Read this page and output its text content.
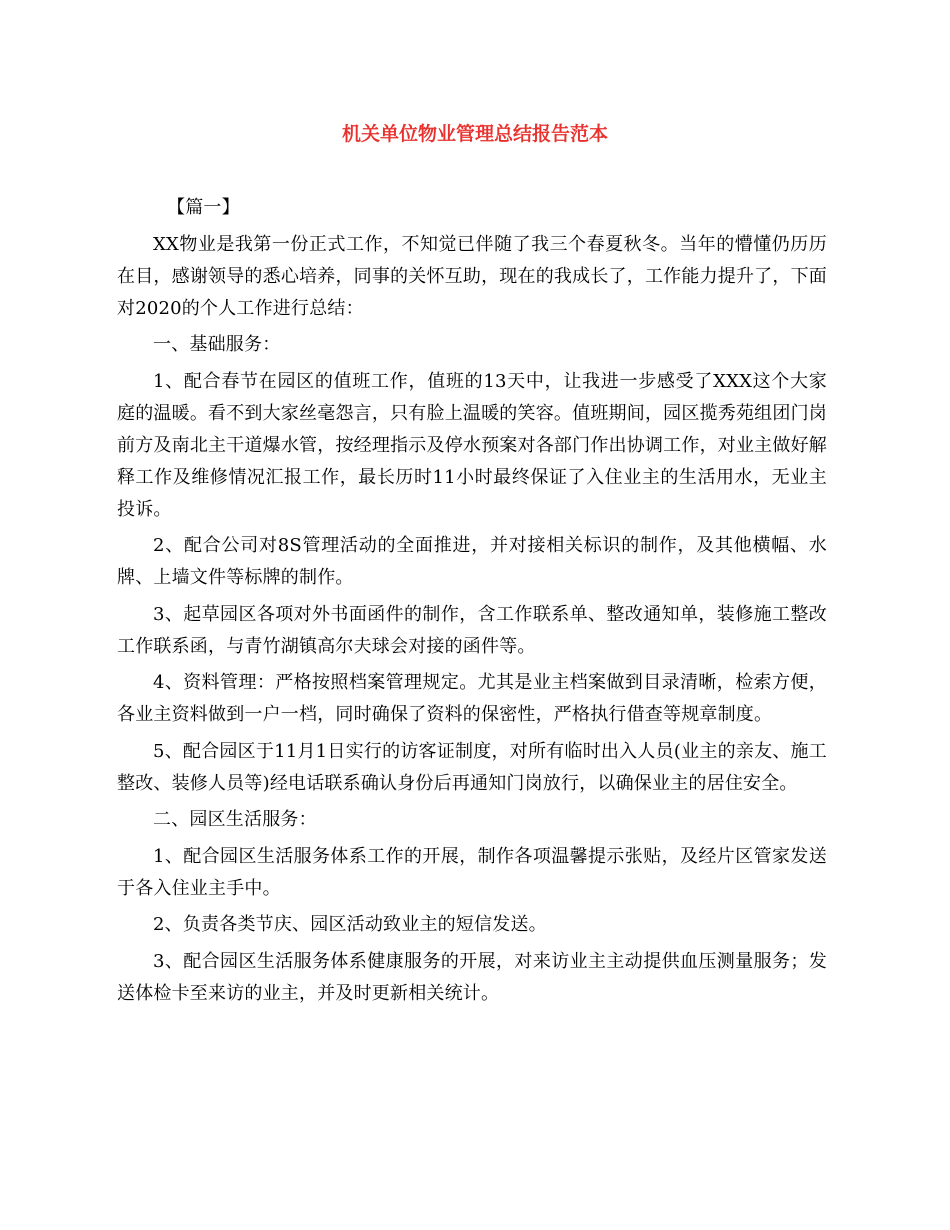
机关单位物业管理总结报告范本

【篇一】

XX物业是我第一份正式工作，不知觉已伴随了我三个春夏秋冬。当年的懵懂仍历历在目，感谢领导的悉心培养，同事的关怀互助，现在的我成长了，工作能力提升了，下面对2020的个人工作进行总结：

一、基础服务：

1、配合春节在园区的值班工作，值班的13天中，让我进一步感受了XXX这个大家庭的温暖。看不到大家丝毫怨言，只有脸上温暖的笑容。值班期间，园区揽秀苑组团门岗前方及南北主干道爆水管，按经理指示及停水预案对各部门作出协调工作，对业主做好解释工作及维修情况汇报工作，最长历时11小时最终保证了入住业主的生活用水，无业主投诉。

2、配合公司对8S管理活动的全面推进，并对接相关标识的制作，及其他横幅、水牌、上墙文件等标牌的制作。

3、起草园区各项对外书面函件的制作，含工作联系单、整改通知单，装修施工整改工作联系函，与青竹湖镇高尔夫球会对接的函件等。

4、资料管理：严格按照档案管理规定。尤其是业主档案做到目录清晰，检索方便，各业主资料做到一户一档，同时确保了资料的保密性，严格执行借查等规章制度。

5、配合园区于11月1日实行的访客证制度，对所有临时出入人员(业主的亲友、施工整改、装修人员等)经电话联系确认身份后再通知门岗放行，以确保业主的居住安全。

二、园区生活服务：

1、配合园区生活服务体系工作的开展，制作各项温馨提示张贴，及经片区管家发送于各入住业主手中。

2、负责各类节庆、园区活动致业主的短信发送。

3、配合园区生活服务体系健康服务的开展，对来访业主主动提供血压测量服务；发送体检卡至来访的业主，并及时更新相关统计。
